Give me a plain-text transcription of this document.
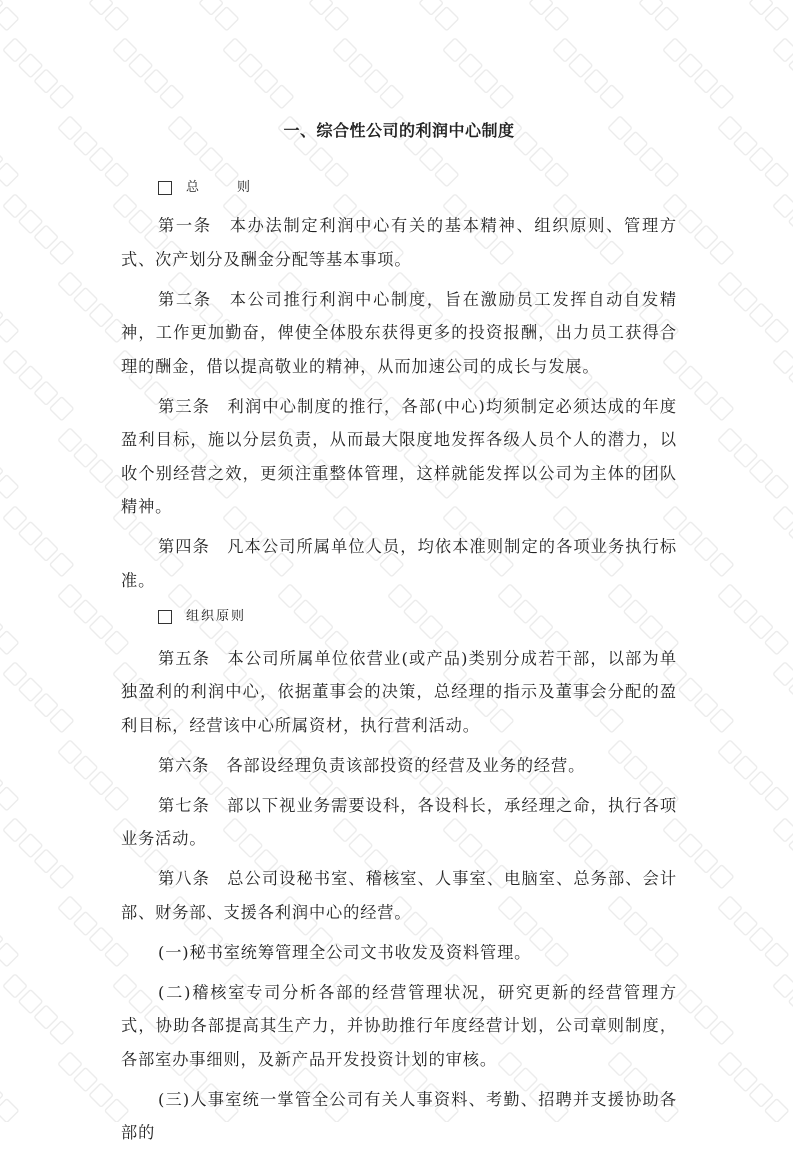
一、综合性公司的利润中心制度
总　　则
第一条　本办法制定利润中心有关的基本精神、组织原则、管理方式、次产划分及酬金分配等基本事项。
第二条　本公司推行利润中心制度，旨在激励员工发挥自动自发精神，工作更加勤奋，俾使全体股东获得更多的投资报酬，出力员工获得合理的酬金，借以提高敬业的精神，从而加速公司的成长与发展。
第三条　利润中心制度的推行，各部(中心)均须制定必须达成的年度盈利目标，施以分层负责，从而最大限度地发挥各级人员个人的潜力，以收个别经营之效，更须注重整体管理，这样就能发挥以公司为主体的团队精神。
第四条　凡本公司所属单位人员，均依本准则制定的各项业务执行标准。
组织原则
第五条　本公司所属单位依营业(或产品)类别分成若干部，以部为单独盈利的利润中心，依据董事会的决策，总经理的指示及董事会分配的盈利目标，经营该中心所属资材，执行营利活动。
第六条　各部设经理负责该部投资的经营及业务的经营。
第七条　部以下视业务需要设科，各设科长，承经理之命，执行各项业务活动。
第八条　总公司设秘书室、稽核室、人事室、电脑室、总务部、会计部、财务部、支援各利润中心的经营。
(一)秘书室统筹管理全公司文书收发及资料管理。
(二)稽核室专司分析各部的经营管理状况，研究更新的经营管理方式，协助各部提高其生产力，并协助推行年度经营计划，公司章则制度，各部室办事细则，及新产品开发投资计划的审核。
(三)人事室统一掌管全公司有关人事资料、考勤、招聘并支援协助各部的
